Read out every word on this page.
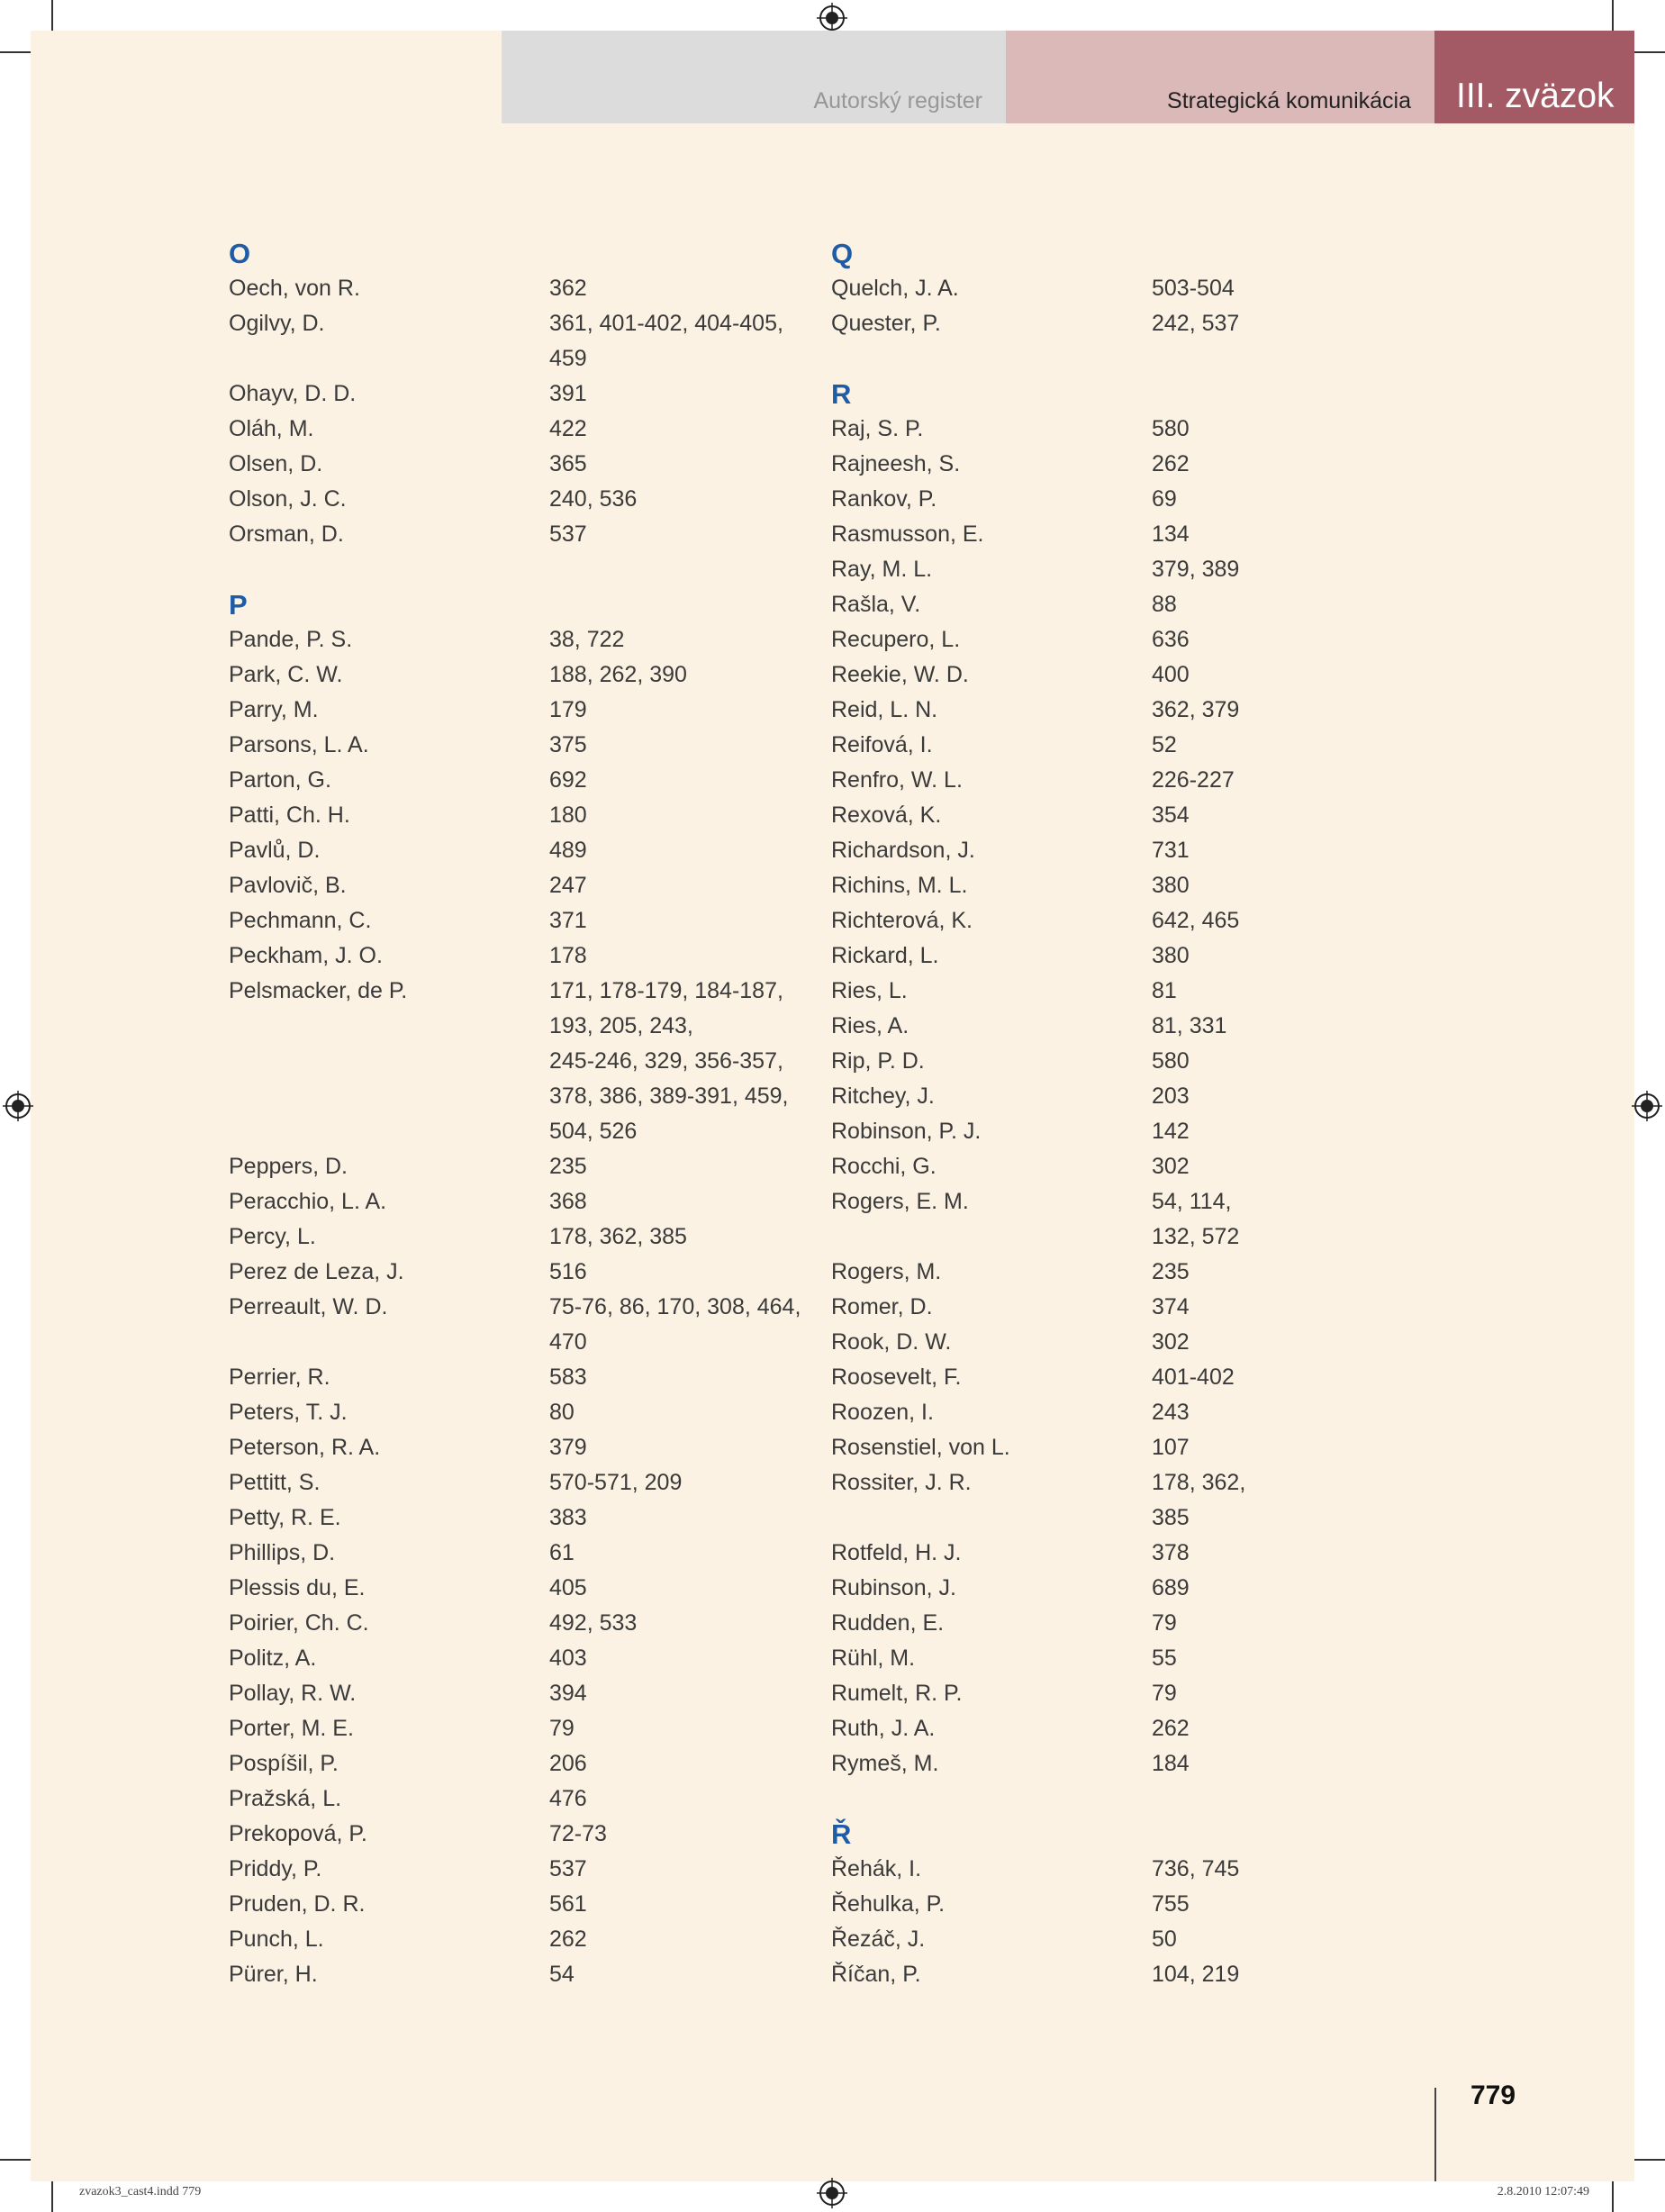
Autorský register	Strategická komunikácia III. zväzok
O
Oech, von R.	362
Ogilvy, D.	361, 401-402, 404-405,
459
Ohayv, D. D.	391
Oláh, M.	422
Olsen, D.	365
Olson, J. C.	240, 536
Orsman, D.	537
P
Pande, P. S.	38, 722
Park, C. W.	188, 262, 390
Parry, M.	179
Parsons, L. A.	375
Parton, G.	692
Patti, Ch. H.	180
Pavlů, D.	489
Pavlovič, B.	247
Pechmann, C.	371
Peckham, J. O.	178
Pelsmacker, de P.	171, 178-179, 184-187,
193, 205, 243,
245-246, 329, 356-357,
378, 386, 389-391, 459,
504, 526
Peppers, D.	235
Peracchio, L. A.	368
Percy, L.	178, 362, 385
Perez de Leza, J.	516
Perreault, W. D.	75-76, 86, 170, 308, 464,
470
Perrier, R.	583
Peters, T. J.	80
Peterson, R. A.	379
Pettitt, S.	570-571, 209
Petty, R. E.	383
Phillips, D.	61
Plessis du, E.	405
Poirier, Ch. C.	492, 533
Politz, A.	403
Pollay, R. W.	394
Porter, M. E.	79
Pospíšil, P.	206
Pražská, L.	476
Prekopová, P.	72-73
Priddy, P.	537
Pruden, D. R.	561
Punch, L.	262
Pürer, H.	54
Q
Quelch, J. A.	503-504
Quester, P.	242, 537
R
Raj, S. P.	580
Rajneesh, S.	262
Rankov, P.	69
Rasmusson, E.	134
Ray, M. L.	379, 389
Rašla, V.	88
Recupero, L.	636
Reekie, W. D.	400
Reid, L. N.	362, 379
Reifová, I.	52
Renfro, W. L.	226-227
Rexová, K.	354
Richardson, J.	731
Richins, M. L.	380
Richterová, K.	642, 465
Rickard, L.	380
Ries, L.	81
Ries, A.	81, 331
Rip, P. D.	580
Ritchey, J.	203
Robinson, P. J.	142
Rocchi, G.	302
Rogers, E. M.	54, 114,
132, 572
Rogers, M.	235
Romer, D.	374
Rook, D. W.	302
Roosevelt, F.	401-402
Roozen, I.	243
Rosenstiel, von L.	107
Rossiter, J. R.	178, 362,
385
Rotfeld, H. J.	378
Rubinson, J.	689
Rudden, E.	79
Rühl, M.	55
Rumelt, R. P.	79
Ruth, J. A.	262
Rymeš, M.	184
Ř
Řehák, I.	736, 745
Řehulka, P.	755
Řezáč, J.	50
Říčan, P.	104, 219
779
zvazok3_cast4.indd 779	2.8.2010 12:07:49
